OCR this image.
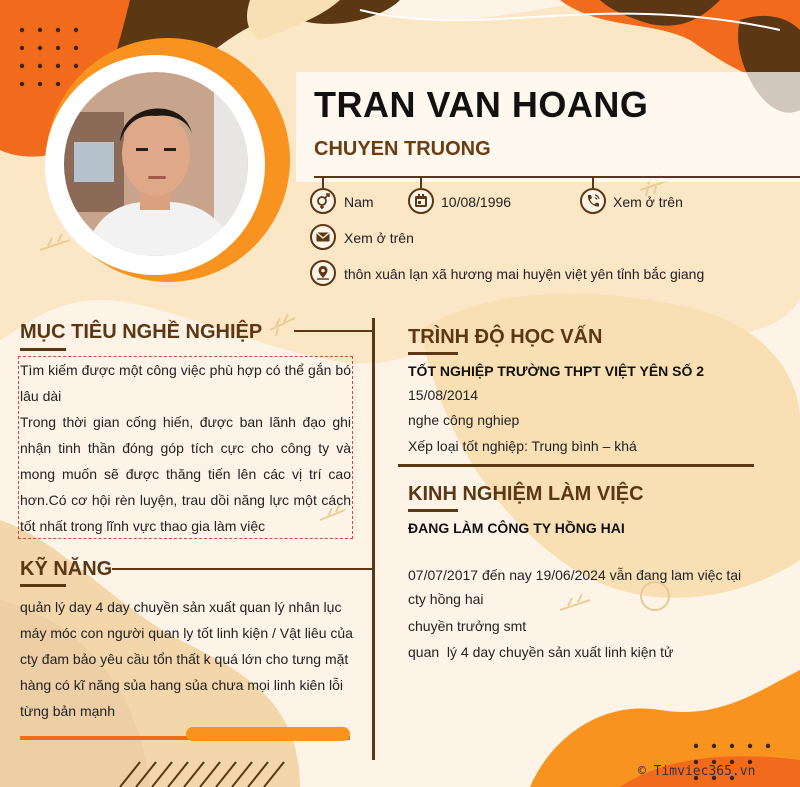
TRAN VAN HOANG
CHUYEN TRUONG
Nam	10/08/1996	Xem ở trên
Xem ở trên
thôn xuân lạn xã hương mai huyện việt yên tỉnh bắc giang
MỤC TIÊU NGHỀ NGHIỆP

Tìm kiếm được một công việc phù hợp có thể gắn bó lâu dài

Trong thời gian cống hiến, được ban lãnh đạo ghi nhận tinh thần đóng góp tích cực cho công ty và mong muốn sẽ được thăng tiến lên các vị trí cao hơn.Có cơ hội rèn luyện, trau dồi năng lực một cách tốt nhất trong lĩnh vực thao gia làm việc

KỸ NĂNG
quản lý day 4 day chuyền sản xuất quan lý nhân lục máy móc con người quan ly tốt linh kiện / Vật liêu của cty đam bảo yêu cầu tổn thất k quá lớn cho tưng mặt hàng có kĩ năng sủa hang sủa chưa mọi linh kiên lỗi từng bản mạnh
TRÌNH ĐỘ HỌC VẤN
TỐT NGHIỆP TRƯỜNG THPT VIỆT YÊN SỐ 2
15/08/2014
nghe công nghiep
Xếp loại tốt nghiệp: Trung bình – khá
KINH NGHIỆM LÀM VIỆC
ĐANG LÀM CÔNG TY HỒNG HAI
07/07/2017 đến nay 19/06/2024 vẫn đang lam việc tại cty hồng hai
chuyền trưởng smt
quan  lý 4 day chuyền sản xuất linh kiện tử
© Timviec365.vn
